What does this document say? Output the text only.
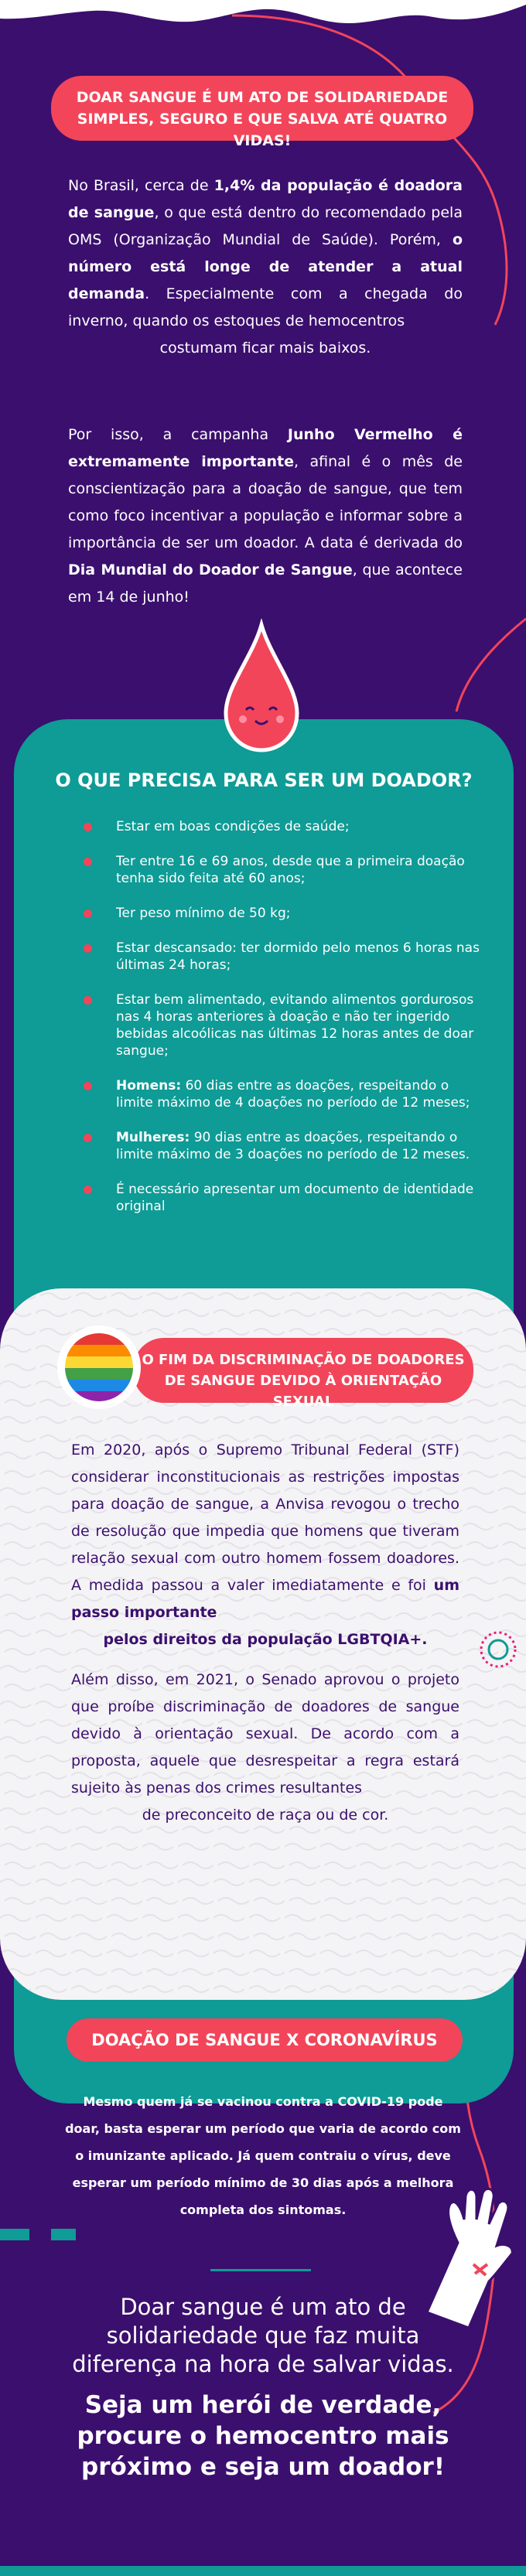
DOAR SANGUE É UM ATO DE SOLIDARIEDADE SIMPLES, SEGURO E QUE SALVA ATÉ QUATRO VIDAS!
No Brasil, cerca de 1,4% da população é doadora de sangue, o que está dentro do recomendado pela OMS (Organização Mundial de Saúde). Porém, o número está longe de atender a atual demanda. Especialmente com a chegada do inverno, quando os estoques de hemocentros
costumam ficar mais baixos.
Por isso, a campanha Junho Vermelho é extremamente importante, afinal é o mês de conscientização para a doação de sangue, que tem como foco incentivar a população e informar sobre a importância de ser um doador. A data é derivada do Dia Mundial do Doador de Sangue, que acontece em 14 de junho!
O QUE PRECISA PARA SER UM DOADOR?
Estar em boas condições de saúde;
Ter entre 16 e 69 anos, desde que a primeira doação tenha sido feita até 60 anos;
Ter peso mínimo de 50 kg;
Estar descansado: ter dormido pelo menos 6 horas nas últimas 24 horas;
Estar bem alimentado, evitando alimentos gordurosos nas 4 horas anteriores à doação e não ter ingerido bebidas alcoólicas nas últimas 12 horas antes de doar sangue;
Homens: 60 dias entre as doações, respeitando o limite máximo de 4 doações no período de 12 meses;
Mulheres: 90 dias entre as doações, respeitando o limite máximo de 3 doações no período de 12 meses.
É necessário apresentar um documento de identidade original
O FIM DA DISCRIMINAÇÃO DE DOADORES DE SANGUE DEVIDO À ORIENTAÇÃO SEXUAL
Em 2020, após o Supremo Tribunal Federal (STF) considerar inconstitucionais as restrições impostas para doação de sangue, a Anvisa revogou o trecho de resolução que impedia que homens que tiveram relação sexual com outro homem fossem doadores. A medida passou a valer imediatamente e foi um passo importante
pelos direitos da população LGBTQIA+.
Além disso, em 2021, o Senado aprovou o projeto que proíbe discriminação de doadores de sangue devido à orientação sexual. De acordo com a proposta, aquele que desrespeitar a regra estará sujeito às penas dos crimes resultantes
de preconceito de raça ou de cor.
DOAÇÃO DE SANGUE X CORONAVÍRUS
Mesmo quem já se vacinou contra a COVID-19 pode doar, basta esperar um período que varia de acordo com o imunizante aplicado. Já quem contraiu o vírus, deve esperar um período mínimo de 30 dias após a melhora completa dos sintomas.
Doar sangue é um ato de solidariedade que faz muita diferença na hora de salvar vidas.
Seja um herói de verdade, procure o hemocentro mais próximo e seja um doador!
